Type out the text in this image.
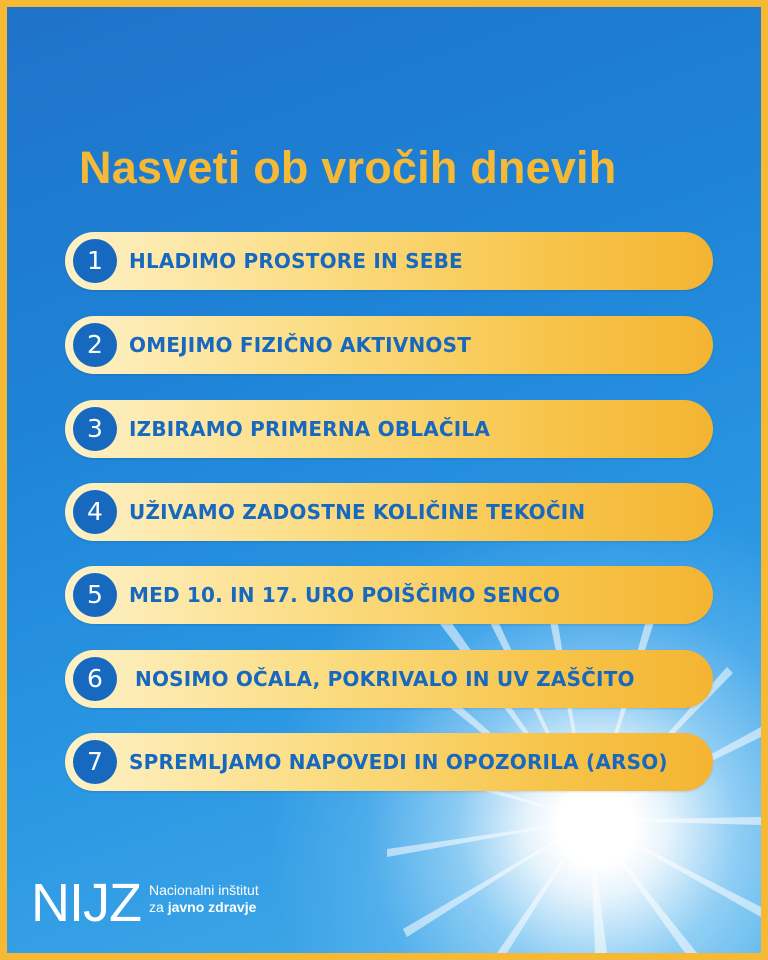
Nasveti ob vročih dnevih
1	HLADIMO PROSTORE IN SEBE
2	OMEJIMO FIZIČNO AKTIVNOST
3	IZBIRAMO PRIMERNA OBLAČILA
4	UŽIVAMO ZADOSTNE KOLIČINE TEKOČIN
5	MED 10. IN 17. URO POIŠČIMO SENCO
6	NOSIMO OČALA, POKRIVALO IN UV ZAŠČITO
7	SPREMLJAMO NAPOVEDI IN OPOZORILA (ARSO)
NIJZ Nacionalni inštitut
za javno zdravje
